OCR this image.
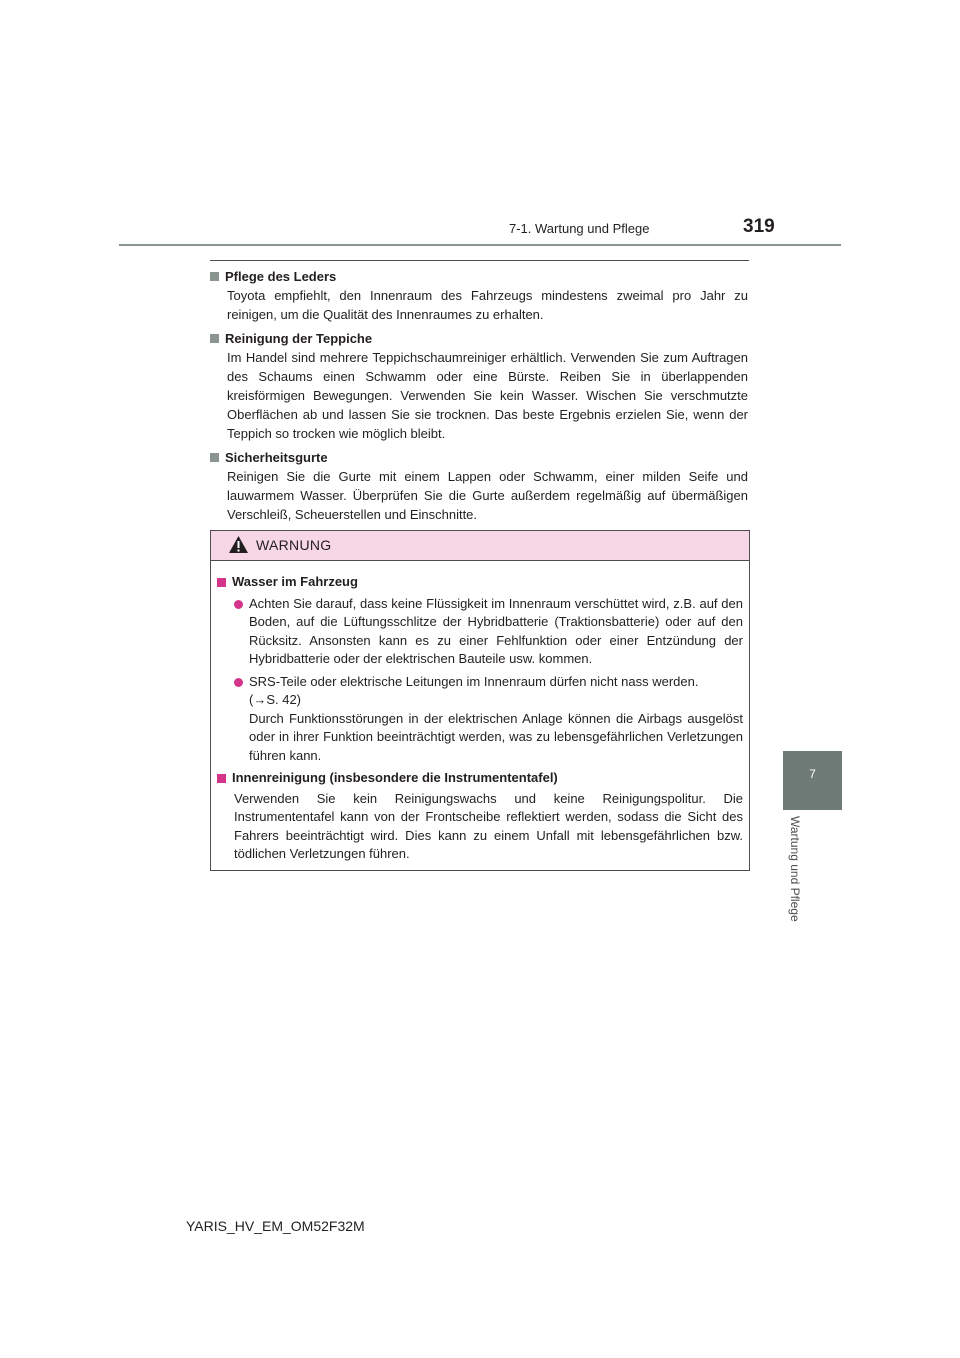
7-1. Wartung und Pflege	319
7
Wartung und Pflege
Pflege des Leders
Toyota empfiehlt, den Innenraum des Fahrzeugs mindestens zweimal pro Jahr zu reinigen, um die Qualität des Innenraumes zu erhalten.
Reinigung der Teppiche
Im Handel sind mehrere Teppichschaumreiniger erhältlich. Verwenden Sie zum Auftragen des Schaums einen Schwamm oder eine Bürste. Reiben Sie in überlappenden kreisförmigen Bewegungen. Verwenden Sie kein Wasser. Wischen Sie verschmutzte Oberflächen ab und lassen Sie sie trocknen. Das beste Ergebnis erzielen Sie, wenn der Teppich so trocken wie möglich bleibt.
Sicherheitsgurte
Reinigen Sie die Gurte mit einem Lappen oder Schwamm, einer milden Seife und lauwarmem Wasser. Überprüfen Sie die Gurte außerdem regelmäßig auf übermäßigen Verschleiß, Scheuerstellen und Einschnitte.
WARNUNG
Wasser im Fahrzeug
Achten Sie darauf, dass keine Flüssigkeit im Innenraum verschüttet wird, z.B. auf den Boden, auf die Lüftungsschlitze der Hybridbatterie (Traktionsbatterie) oder auf den Rücksitz. Ansonsten kann es zu einer Fehlfunktion oder einer Entzündung der Hybridbatterie oder der elektrischen Bauteile usw. kommen.
SRS-Teile oder elektrische Leitungen im Innenraum dürfen nicht nass werden.
(→S. 42)
Durch Funktionsstörungen in der elektrischen Anlage können die Airbags ausgelöst oder in ihrer Funktion beeinträchtigt werden, was zu lebensgefährlichen Verletzungen führen kann.
Innenreinigung (insbesondere die Instrumententafel)
Verwenden Sie kein Reinigungswachs und keine Reinigungspolitur. Die Instrumententafel kann von der Frontscheibe reflektiert werden, sodass die Sicht des Fahrers beeinträchtigt wird. Dies kann zu einem Unfall mit lebensgefährlichen bzw. tödlichen Verletzungen führen.
YARIS_HV_EM_OM52F32M
